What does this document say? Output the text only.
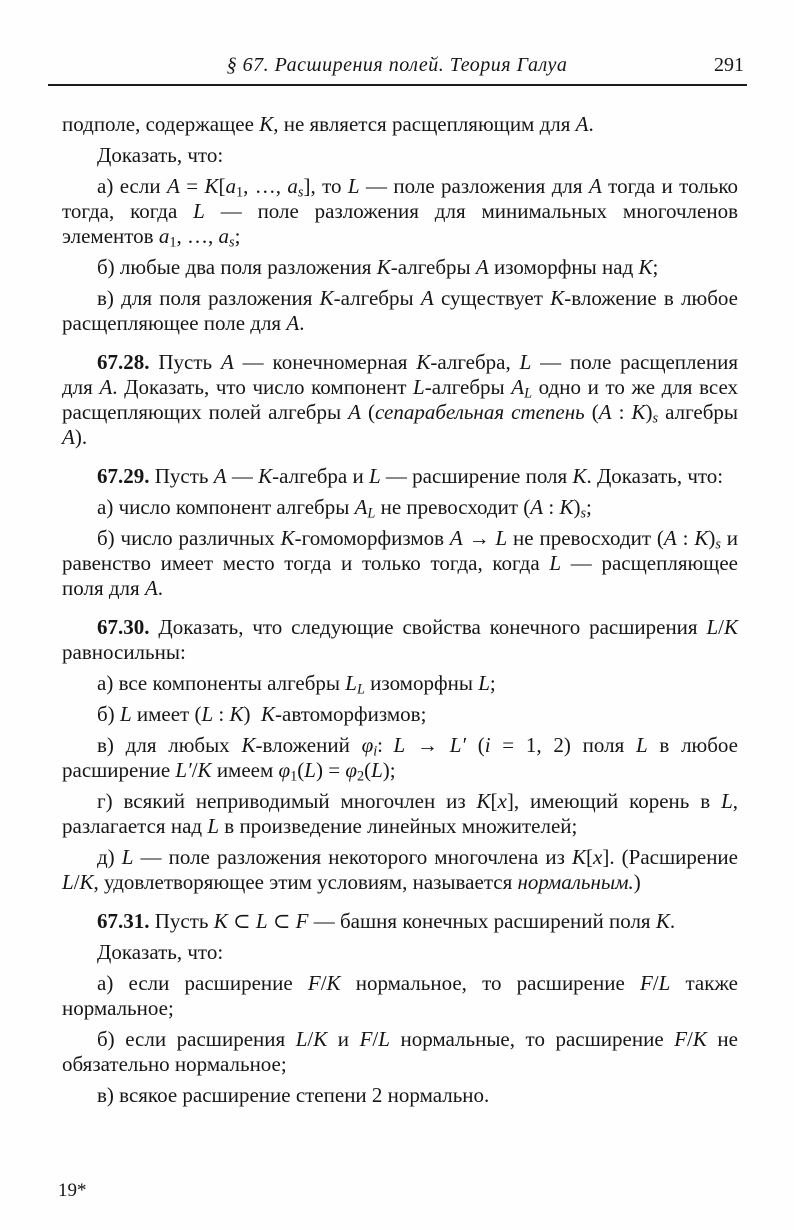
§ 67. Расширения полей. Теория Галуа	291

подполе, содержащее K, не является расщепляющим для A.

Доказать, что:

а) если $A = K[a_1$, …, $a_s$], то L — поле разложения для A тогда и только тогда, когда L — поле разложения для минимальных многочленов элементов $a_1$, …, $a_s$;

б) любые два поля разложения K-алгебры A изоморфны над K;

в) для поля разложения K-алгебры A существует K-вложение в любое расщепляющее поле для A.

67.28. Пусть A — конечномерная K-алгебра, L — поле расщепления для A. Доказать, что число компонент L-алгебры $A_L$ одно и то же для всех расщепляющих полей алгебры A (сепарабельная степень (A : $K)_s$ алгебры A).

67.29. Пусть A — K-алгебра и L — расширение поля K. Доказать, что:

а) число компонент алгебры $A_L$ не превосходит (A : $K)_s$;

б) число различных K-гомоморфизмов A → L не превосходит (A : $K)_s$ и равенство имеет место тогда и только тогда, когда L — расщепляющее поля для A.

67.30. Доказать, что следующие свойства конечного расширения L/K равносильны:

а) все компоненты алгебры $L_L$ изоморфны L;

б) L имеет (L : K) K-автоморфизмов;

в) для любых K-вложений $\varphi_i$: L → L′ (i = 1, 2) поля L в любое расширение L′/K имеем $\varphi_1(L) = \varphi_2(L)$;

г) всякий неприводимый многочлен из K[x], имеющий корень в L, разлагается над L в произведение линейных множителей;

д) L — поле разложения некоторого многочлена из K[x]. (Расширение L/K, удовлетворяющее этим условиям, называется нормальным.)

67.31. Пусть K ⊂ L ⊂ F — башня конечных расширений поля K.

Доказать, что:

а) если расширение F/K нормальное, то расширение F/L также нормальное;

б) если расширения L/K и F/L нормальные, то расширение F/K не обязательно нормальное;

в) всякое расширение степени 2 нормально.

19*
